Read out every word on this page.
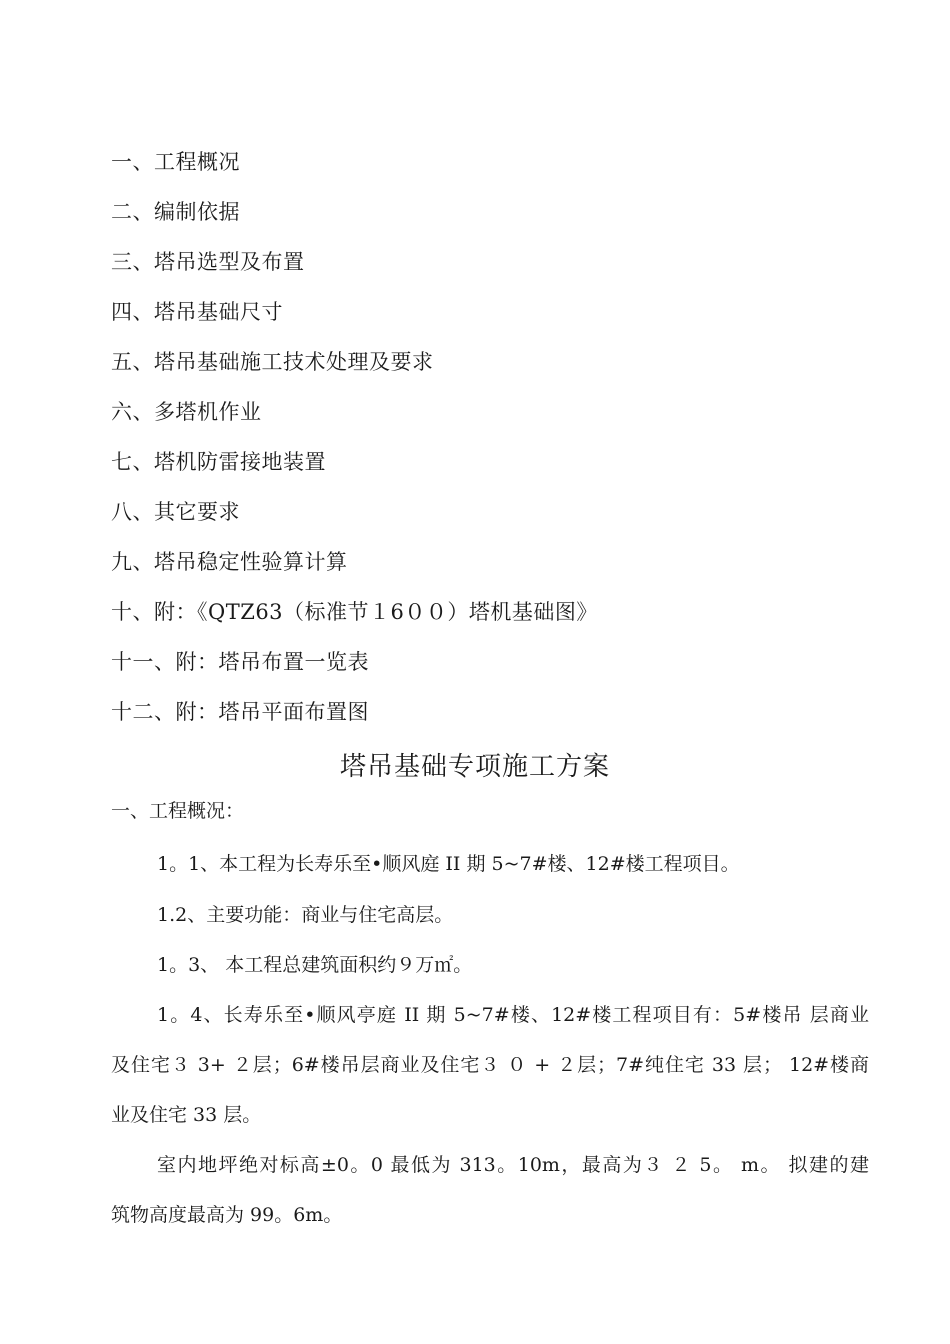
一、工程概况
二、编制依据
三、塔吊选型及布置
四、塔吊基础尺寸
五、塔吊基础施工技术处理及要求
六、多塔机作业
七、塔机防雷接地装置
八、其它要求
九、塔吊稳定性验算计算
十、附：《QTZ63（标准节１6００）塔机基础图》
十一、附：塔吊布置一览表
十二、附：塔吊平面布置图
塔吊基础专项施工方案
一、工程概况：
1。1、本工程为长寿乐至•顺风庭 II 期 5~7#楼、12#楼工程项目。
1.2、主要功能：商业与住宅高层。
1。3、 本工程总建筑面积约９万㎡。
1。4、长寿乐至•顺风亭庭 II 期 5~7#楼、12#楼工程项目有：5#楼吊 层商业
及住宅３ 3+ ２层；6#楼吊层商业及住宅３ ０ + ２层；7#纯住宅 33 层； 12#楼商
业及住宅 33 层。
室内地坪绝对标高±0。0 最低为 313。10m，最高为３ ２ 5。 m。 拟建的建
筑物高度最高为 99。6m。
